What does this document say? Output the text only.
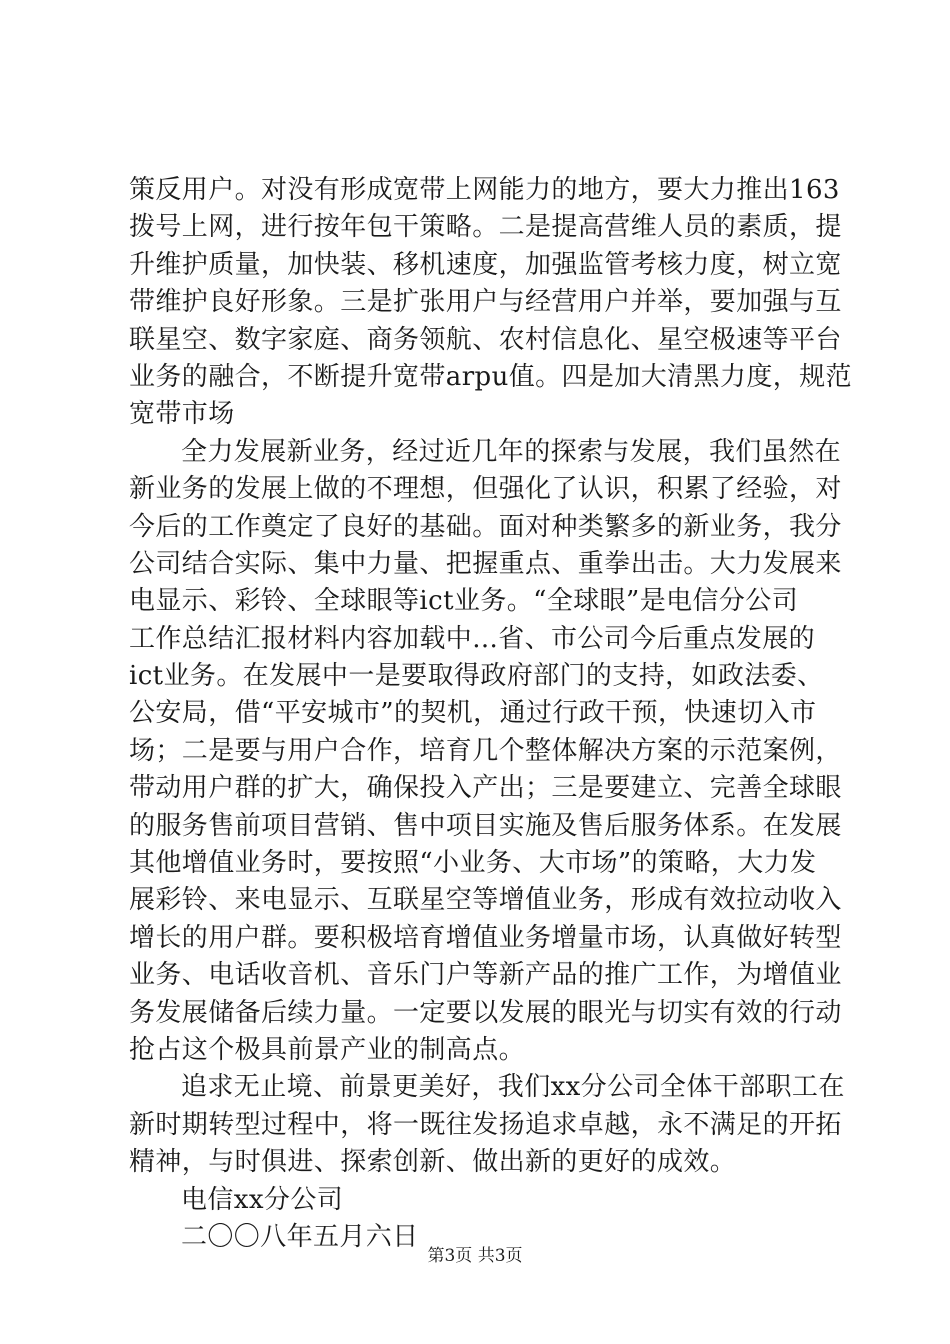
策反用户。对没有形成宽带上网能力的地方，要大力推出163
拨号上网，进行按年包干策略。二是提高营维人员的素质，提
升维护质量，加快装、移机速度，加强监管考核力度，树立宽
带维护良好形象。三是扩张用户与经营用户并举，要加强与互
联星空、数字家庭、商务领航、农村信息化、星空极速等平台
业务的融合，不断提升宽带arpu值。四是加大清黑力度，规范
宽带市场
全力发展新业务，经过近几年的探索与发展，我们虽然在
新业务的发展上做的不理想，但强化了认识，积累了经验，对
今后的工作奠定了良好的基础。面对种类繁多的新业务，我分
公司结合实际、集中力量、把握重点、重拳出击。大力发展来
电显示、彩铃、全球眼等ict业务。“全球眼”是电信分公司
工作总结汇报材料内容加载中...省、市公司今后重点发展的
ict业务。在发展中一是要取得政府部门的支持，如政法委、
公安局，借“平安城市”的契机，通过行政干预，快速切入市
场；二是要与用户合作，培育几个整体解决方案的示范案例，
带动用户群的扩大，确保投入产出；三是要建立、完善全球眼
的服务售前项目营销、售中项目实施及售后服务体系。在发展
其他增值业务时，要按照“小业务、大市场”的策略，大力发
展彩铃、来电显示、互联星空等增值业务，形成有效拉动收入
增长的用户群。要积极培育增值业务增量市场，认真做好转型
业务、电话收音机、音乐门户等新产品的推广工作，为增值业
务发展储备后续力量。一定要以发展的眼光与切实有效的行动
抢占这个极具前景产业的制高点。
追求无止境、前景更美好，我们xx分公司全体干部职工在
新时期转型过程中，将一既往发扬追求卓越，永不满足的开拓
精神，与时俱进、探索创新、做出新的更好的成效。
电信xx分公司
二〇〇八年五月六日
第3页 共3页
